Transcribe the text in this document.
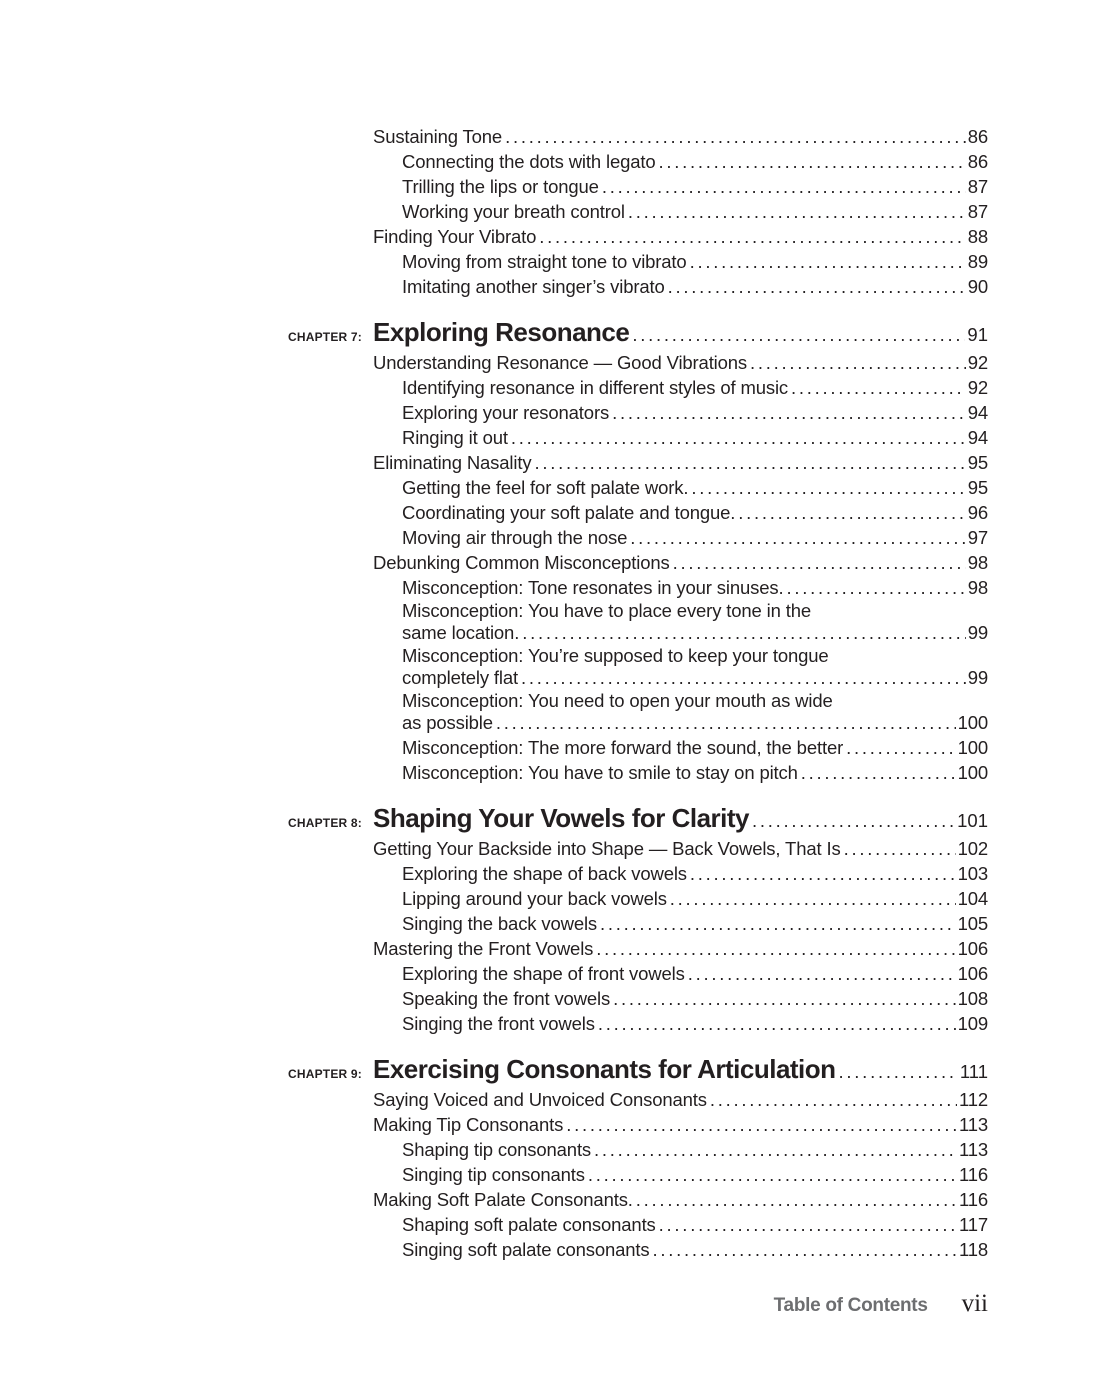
Sustaining Tone . . .	86
Connecting the dots with legato . . .	86
Trilling the lips or tongue . . .	87
Working your breath control . . .	87
Finding Your Vibrato . . .	88
Moving from straight tone to vibrato . . .	89
Imitating another singer’s vibrato . . .	90
CHAPTER 7: Exploring Resonance . . .	91
Understanding Resonance — Good Vibrations . . .	92
Identifying resonance in different styles of music . . .	92
Exploring your resonators . . .	94
Ringing it out . . .	94
Eliminating Nasality . . .	95
Getting the feel for soft palate work. . . .	95
Coordinating your soft palate and tongue. . . .	96
Moving air through the nose . . .	97
Debunking Common Misconceptions . . .	98
Misconception: Tone resonates in your sinuses. . . .	98
Misconception: You have to place every tone in the
same location. . . .	99
Misconception: You’re supposed to keep your tongue
completely flat . . .	99
Misconception: You need to open your mouth as wide
as possible . . .	100
Misconception: The more forward the sound, the better . . .	100
Misconception: You have to smile to stay on pitch . . .	100
CHAPTER 8: Shaping Your Vowels for Clarity . . .	101
Getting Your Backside into Shape — Back Vowels, That Is . . .	102
Exploring the shape of back vowels . . .	103
Lipping around your back vowels . . .	104
Singing the back vowels . . .	105
Mastering the Front Vowels . . .	106
Exploring the shape of front vowels . . .	106
Speaking the front vowels . . .	108
Singing the front vowels . . .	109
CHAPTER 9: Exercising Consonants for Articulation . . .	111
Saying Voiced and Unvoiced Consonants . . .	112
Making Tip Consonants . . .	113
Shaping tip consonants . . .	113
Singing tip consonants . . .	116
Making Soft Palate Consonants. . . .	116
Shaping soft palate consonants . . .	117
Singing soft palate consonants . . .	118
Table of Contents vii
